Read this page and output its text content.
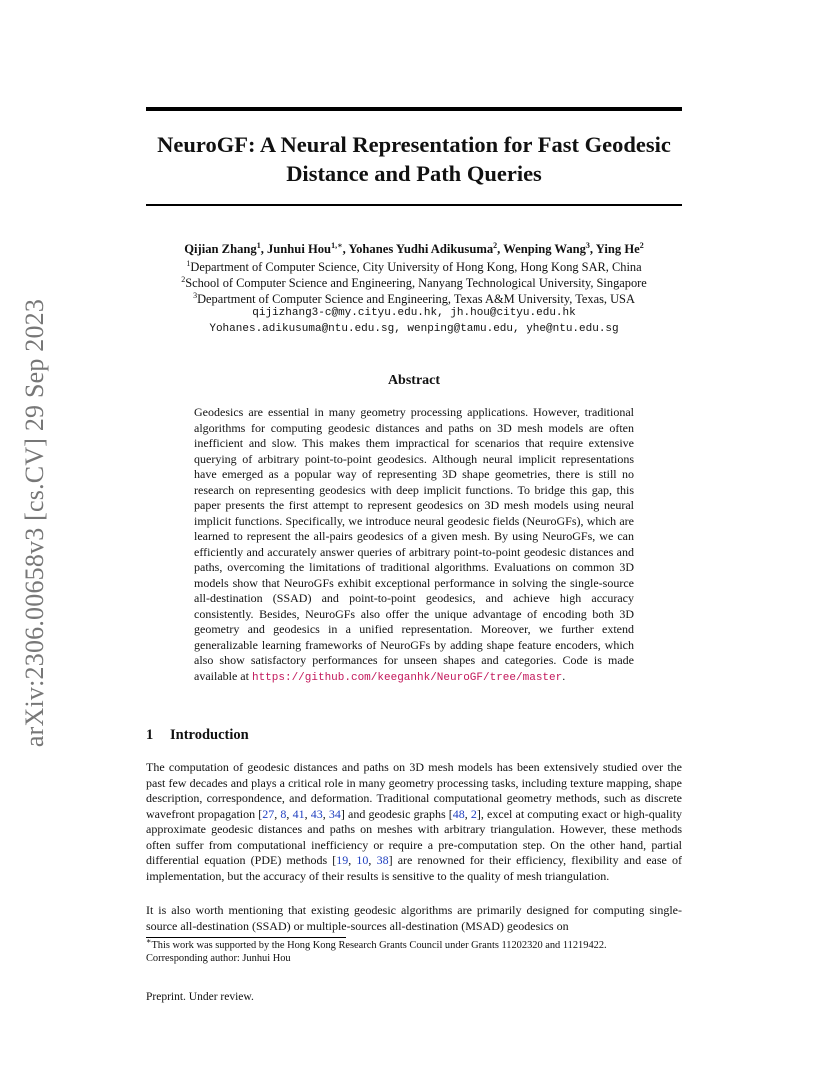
arXiv:2306.00658v3 [cs.CV] 29 Sep 2023
NeuroGF: A Neural Representation for Fast Geodesic
Distance and Path Queries
Qijian Zhang$^1$, Junhui Hou$^{1,∗}$, Yohanes Yudhi Adikusuma$^2$, Wenping Wang$^3$, Ying He$^2$
$^1$Department of Computer Science, City University of Hong Kong, Hong Kong SAR, China
$^2$School of Computer Science and Engineering, Nanyang Technological University, Singapore
$^3$Department of Computer Science and Engineering, Texas A&M University, Texas, USA
qijizhang3-c@my.cityu.edu.hk, jh.hou@cityu.edu.hk
Yohanes.adikusuma@ntu.edu.sg, wenping@tamu.edu, yhe@ntu.edu.sg
Abstract
Geodesics are essential in many geometry processing applications. However, traditional algorithms for computing geodesic distances and paths on 3D mesh models are often inefficient and slow. This makes them impractical for scenarios that require extensive querying of arbitrary point-to-point geodesics. Although neural implicit representations have emerged as a popular way of representing 3D shape geometries, there is still no research on representing geodesics with deep implicit functions. To bridge this gap, this paper presents the first attempt to represent geodesics on 3D mesh models using neural implicit functions. Specifically, we introduce neural geodesic fields (NeuroGFs), which are learned to represent the all-pairs geodesics of a given mesh. By using NeuroGFs, we can efficiently and accurately answer queries of arbitrary point-to-point geodesic distances and paths, overcoming the limitations of traditional algorithms. Evaluations on common 3D models show that NeuroGFs exhibit exceptional performance in solving the single-source all-destination (SSAD) and point-to-point geodesics, and achieve high accuracy consistently. Besides, NeuroGFs also offer the unique advantage of encoding both 3D geometry and geodesics in a unified representation. Moreover, we further extend generalizable learning frameworks of NeuroGFs by adding shape feature encoders, which also show satisfactory performances for unseen shapes and categories. Code is made available at https://github.com/keeganhk/NeuroGF/tree/master.
1 Introduction
The computation of geodesic distances and paths on 3D mesh models has been extensively studied over the past few decades and plays a critical role in many geometry processing tasks, including texture mapping, shape description, correspondence, and deformation. Traditional computational geometry methods, such as discrete wavefront propagation [27, 8, 41, 43, 34] and geodesic graphs [48, 2], excel at computing exact or high-quality approximate geodesic distances and paths on meshes with arbitrary triangulation. However, these methods often suffer from computational inefficiency or require a pre-computation step. On the other hand, partial differential equation (PDE) methods [19, 10, 38] are renowned for their efficiency, flexibility and ease of implementation, but the accuracy of their results is sensitive to the quality of mesh triangulation.
It is also worth mentioning that existing geodesic algorithms are primarily designed for computing single-source all-destination (SSAD) or multiple-sources all-destination (MSAD) geodesics on
∗This work was supported by the Hong Kong Research Grants Council under Grants 11202320 and 11219422.
Corresponding author: Junhui Hou
Preprint. Under review.
